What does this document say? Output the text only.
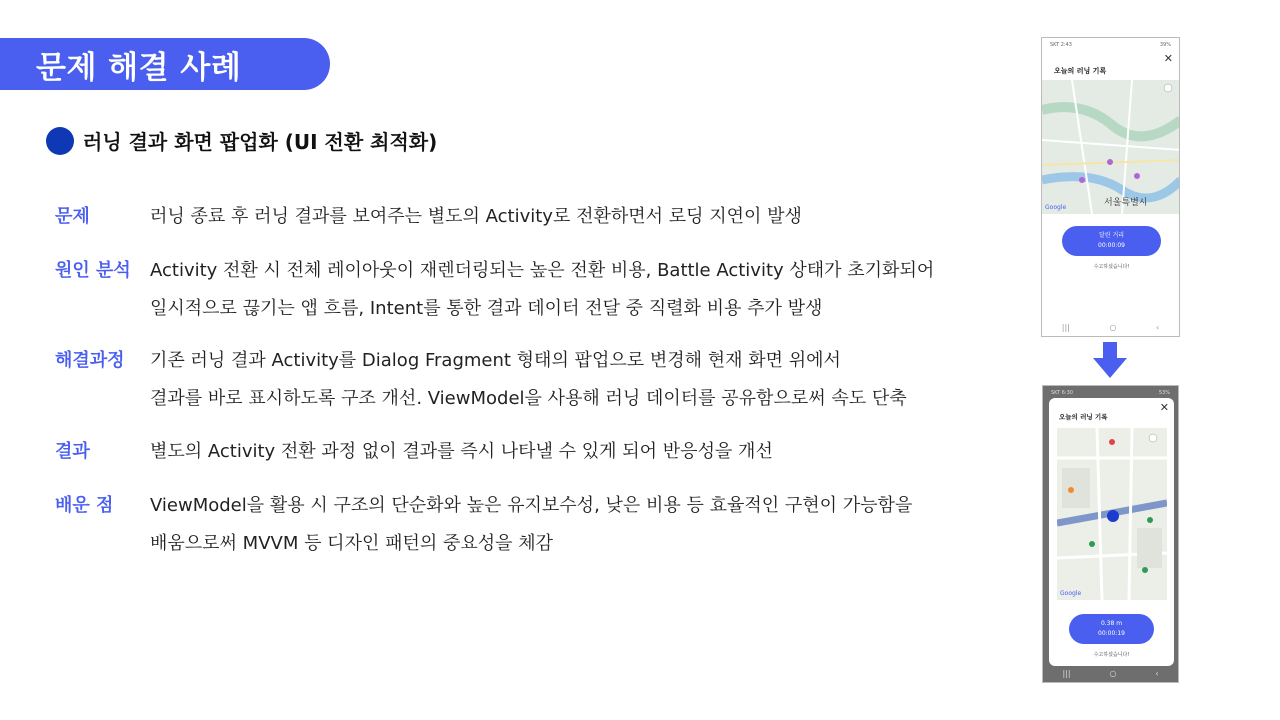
문제 해결 사례
러닝 결과 화면 팝업화 (UI 전환 최적화)
문제	러닝 종료 후 러닝 결과를 보여주는 별도의 Activity로 전환하면서 로딩 지연이 발생
원인 분석	Activity 전환 시 전체 레이아웃이 재렌더링되는 높은 전환 비용, Battle Activity 상태가 초기화되어
일시적으로 끊기는 앱 흐름, Intent를 통한 결과 데이터 전달 중 직렬화 비용 추가 발생
해결과정	기존 러닝 결과 Activity를 Dialog Fragment 형태의 팝업으로 변경해 현재 화면 위에서
결과를 바로 표시하도록 구조 개선. ViewModel을 사용해 러닝 데이터를 공유함으로써 속도 단축
결과	별도의 Activity 전환 과정 없이 결과를 즉시 나타낼 수 있게 되어 반응성을 개선
배운 점	ViewModel을 활용 시 구조의 단순화와 높은 유지보수성, 낮은 비용 등 효율적인 구현이 가능함을
배움으로써 MVVM 등 디자인 패턴의 중요성을 체감
SKT 2:43	39%
✕
오늘의 러닝 기록
서울특별시
Google
달린 거리
00:00:09
수고하셨습니다!
|||	○	‹
SKT 6:30	53%
✕
오늘의 러닝 기록
Google
0.38 m
00:00:19
수고하셨습니다!
|||	○	‹
